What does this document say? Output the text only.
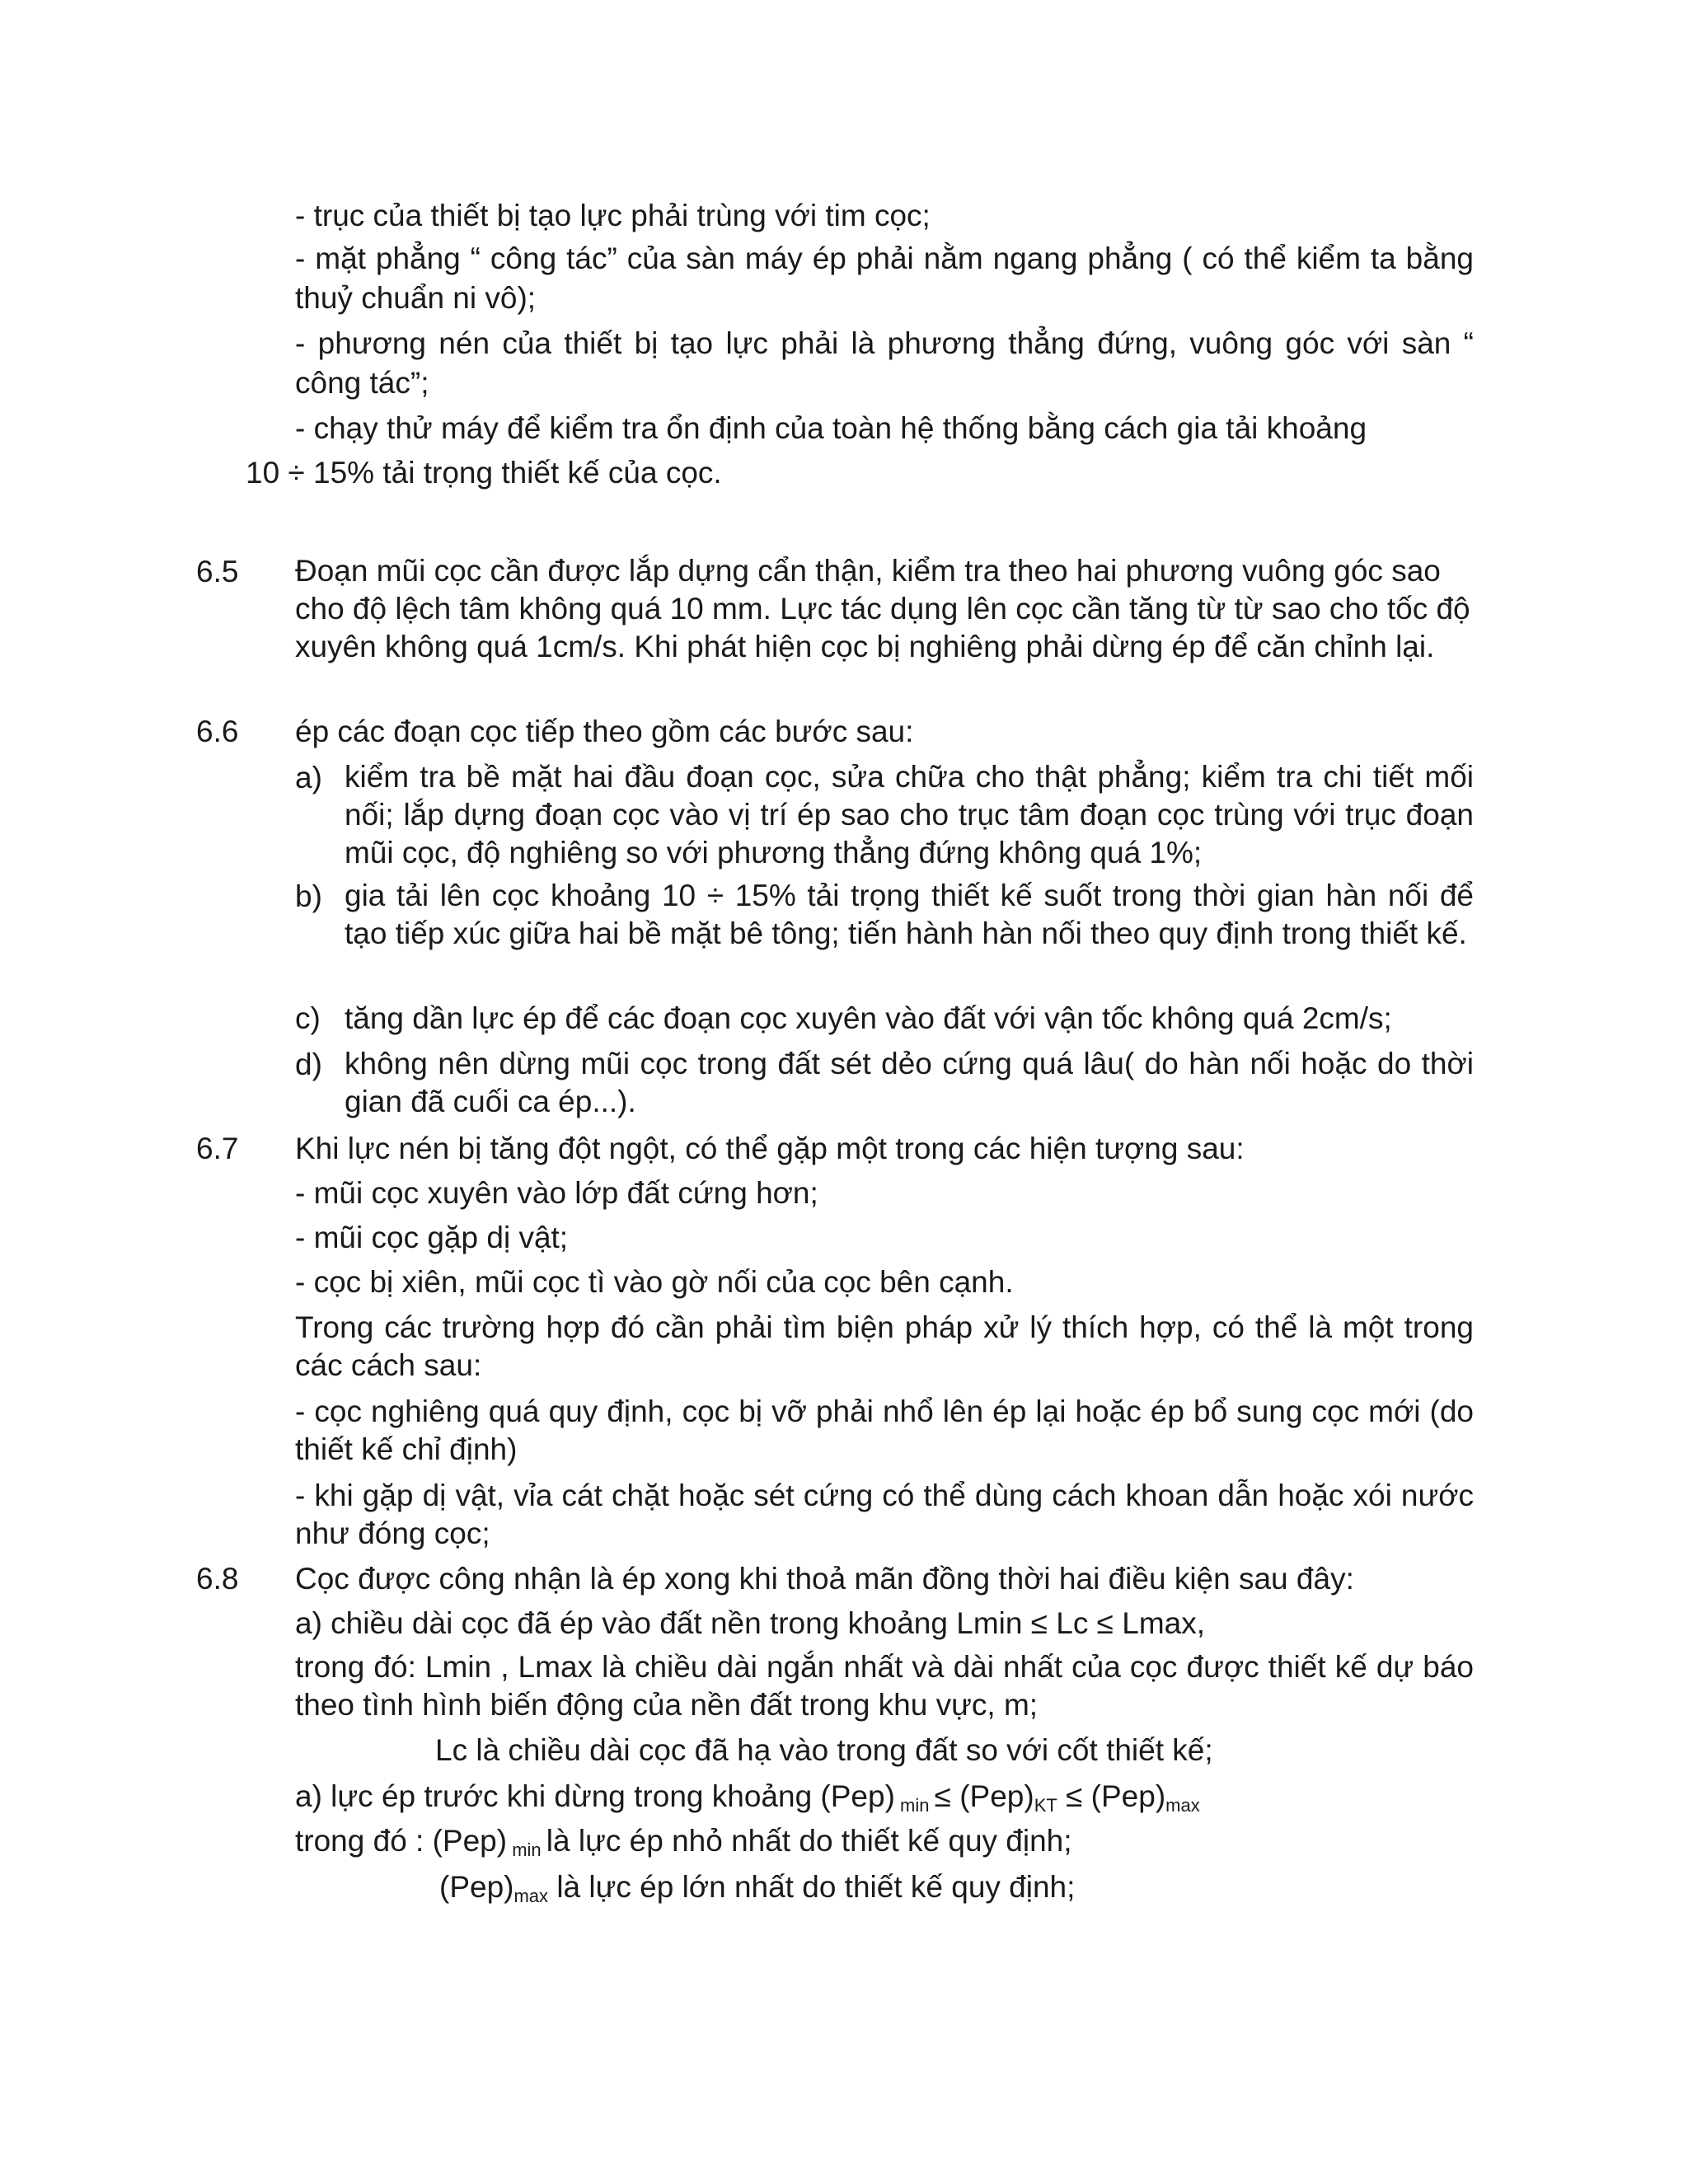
- trục của thiết bị tạo lực phải trùng với tim cọc;

- mặt phẳng “ công tác” của sàn máy ép phải nằm ngang phẳng ( có thể kiểm ta bằng thuỷ chuẩn ni vô);

- phương nén của thiết bị tạo lực phải là phương thẳng đứng, vuông góc với sàn “ công tác”;

- chạy thử máy để kiểm tra ổn định của toàn hệ thống bằng cách gia tải khoảng

10 ÷ 15% tải trọng thiết kế của cọc.

6.5 Đoạn mũi cọc cần được lắp dựng cẩn thận, kiểm tra theo hai phương vuông góc sao cho độ lệch tâm không quá 10 mm. Lực tác dụng lên cọc cần tăng từ từ sao cho tốc độ xuyên không quá 1cm/s. Khi phát hiện cọc bị nghiêng phải dừng ép để căn chỉnh lại.

6.6 ép các đoạn cọc tiếp theo gồm các bước sau:

a) kiểm tra bề mặt hai đầu đoạn cọc, sửa chữa cho thật phẳng; kiểm tra chi tiết mối nối; lắp dựng đoạn cọc vào vị trí ép sao cho trục tâm đoạn cọc trùng với trục đoạn mũi cọc, độ nghiêng so với phương thẳng đứng không quá 1%;

b) gia tải lên cọc khoảng 10 ÷ 15% tải trọng thiết kế suốt trong thời gian hàn nối để tạo tiếp xúc giữa hai bề mặt bê tông; tiến hành hàn nối theo quy định trong thiết kế.

c) tăng dần lực ép để các đoạn cọc xuyên vào đất với vận tốc không quá 2cm/s;

d) không nên dừng mũi cọc trong đất sét dẻo cứng quá lâu( do hàn nối hoặc do thời gian đã cuối ca ép...).

6.7 Khi lực nén bị tăng đột ngột, có thể gặp một trong các hiện tượng sau:

- mũi cọc xuyên vào lớp đất cứng hơn;

- mũi cọc gặp dị vật;

- cọc bị xiên, mũi cọc tì vào gờ nối của cọc bên cạnh.

Trong các trường hợp đó cần phải tìm biện pháp xử lý thích hợp, có thể là một trong các cách sau:

- cọc nghiêng quá quy định, cọc bị vỡ phải nhổ lên ép lại hoặc ép bổ sung cọc mới (do thiết kế chỉ định)

- khi gặp dị vật, vỉa cát chặt hoặc sét cứng có thể dùng cách khoan dẫn hoặc xói nước như đóng cọc;

6.8 Cọc được công nhận là ép xong khi thoả mãn đồng thời hai điều kiện sau đây:

a) chiều dài cọc đã ép vào đất nền trong khoảng Lmin ≤ Lc ≤ Lmax,

trong đó: Lmin , Lmax là chiều dài ngắn nhất và dài nhất của cọc được thiết kế dự báo theo tình hình biến động của nền đất trong khu vực, m;

Lc là chiều dài cọc đã hạ vào trong đất so với cốt thiết kế;

a) lực ép trước khi dừng trong khoảng (Pep) $_{min} \le (Pep)_{KT} \le (Pep)_{max}$

trong đó : (Pep) $_{min}$ là lực ép nhỏ nhất do thiết kế quy định;

$(Pep)_{max}$ là lực ép lớn nhất do thiết kế quy định;
